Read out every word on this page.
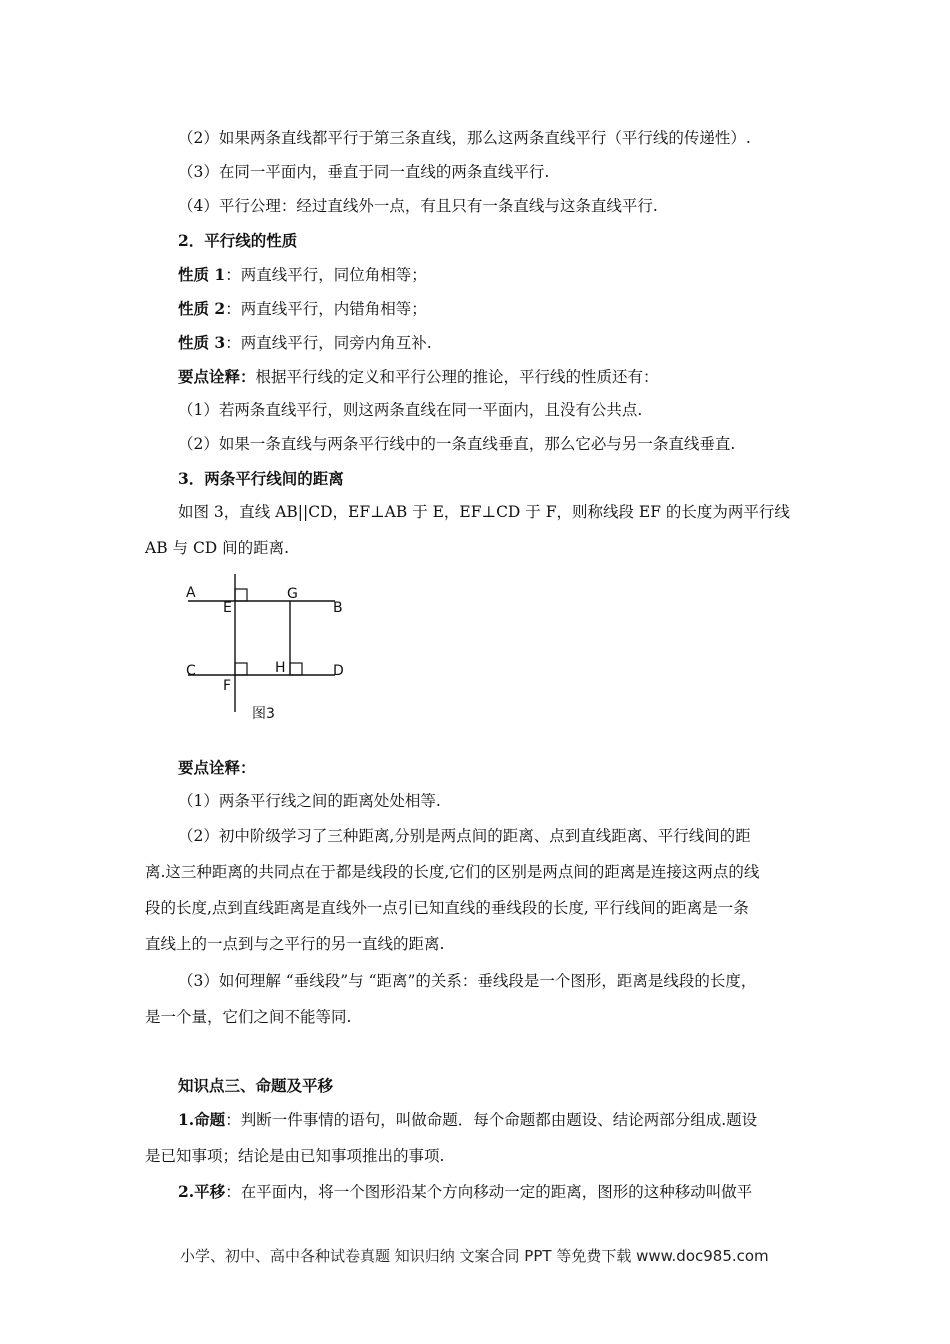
（2）如果两条直线都平行于第三条直线，那么这两条直线平行（平行线的传递性）.
（3）在同一平面内，垂直于同一直线的两条直线平行.
（4）平行公理：经过直线外一点，有且只有一条直线与这条直线平行.
2．平行线的性质
性质 1：两直线平行，同位角相等；
性质 2：两直线平行，内错角相等；
性质 3：两直线平行，同旁内角互补.
要点诠释：根据平行线的定义和平行公理的推论，平行线的性质还有：
（1）若两条直线平行，则这两条直线在同一平面内，且没有公共点.
（2）如果一条直线与两条平行线中的一条直线垂直，那么它必与另一条直线垂直.
3．两条平行线间的距离
如图 3，直线 AB||CD，EF⊥AB 于 E，EF⊥CD 于 F，则称线段 EF 的长度为两平行线
AB 与 CD 间的距离.
A
B
C	D
E
F
G
H
图3
要点诠释：
（1）两条平行线之间的距离处处相等.
（2）初中阶级学习了三种距离,分别是两点间的距离、点到直线距离、平行线间的距
离.这三种距离的共同点在于都是线段的长度,它们的区别是两点间的距离是连接这两点的线
段的长度,点到直线距离是直线外一点引已知直线的垂线段的长度, 平行线间的距离是一条
直线上的一点到与之平行的另一直线的距离.
（3）如何理解 “垂线段”与 “距离”的关系：垂线段是一个图形，距离是线段的长度，
是一个量，它们之间不能等同.
知识点三、命题及平移
1.命题：判断一件事情的语句，叫做命题．每个命题都由题设、结论两部分组成.题设
是已知事项；结论是由已知事项推出的事项.
2.平移：在平面内，将一个图形沿某个方向移动一定的距离，图形的这种移动叫做平
小学、初中、高中各种试卷真题 知识归纳 文案合同 PPT 等免费下载 www.doc985.com
